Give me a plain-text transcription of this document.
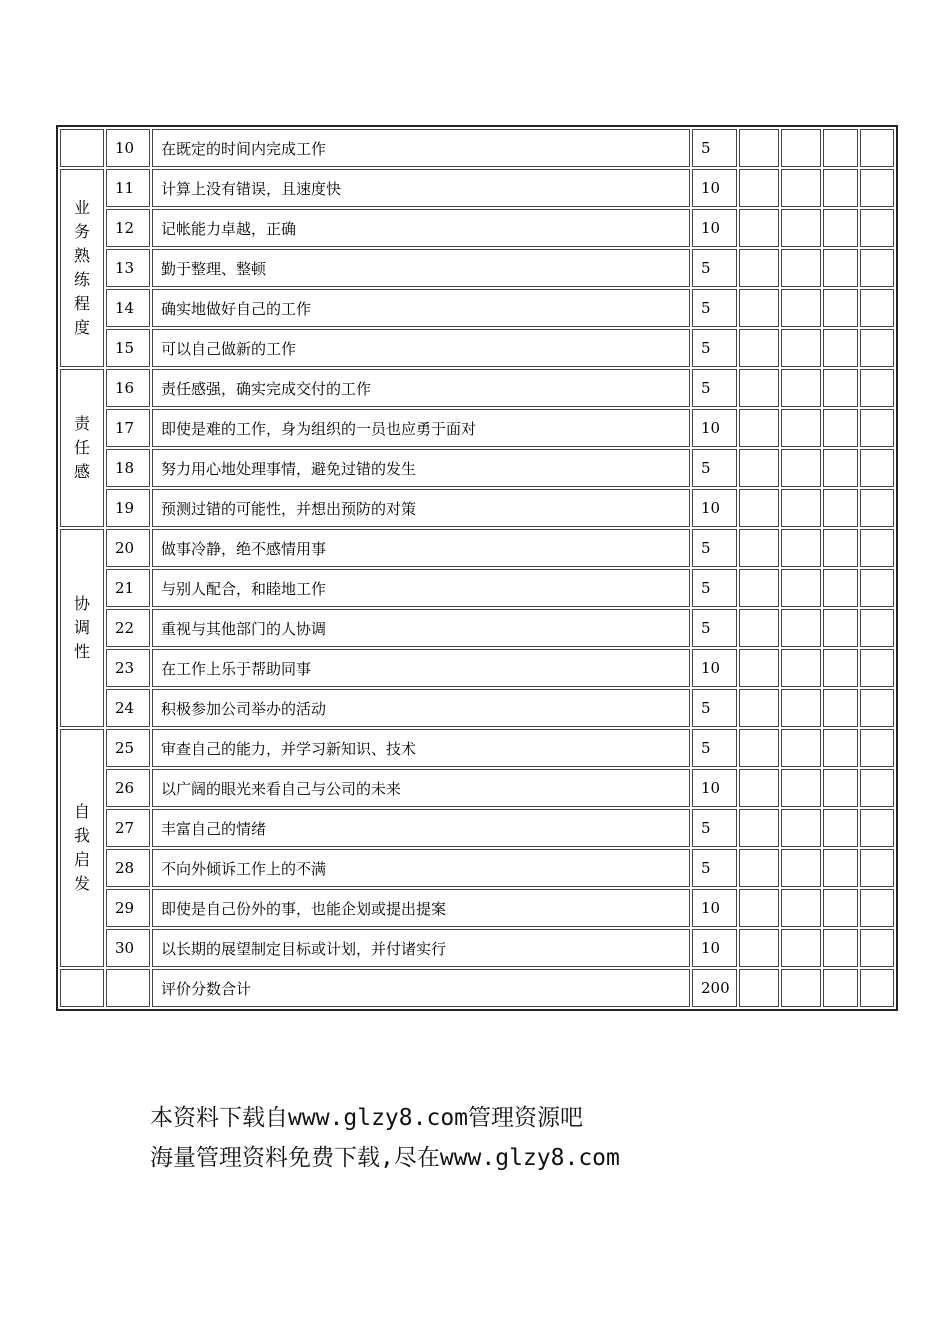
	10	在既定的时间内完成工作	5				
业务熟练程度	11	计算上没有错误，且速度快	10				
	12	记帐能力卓越，正确	10				
	13	勤于整理、整顿	5				
	14	确实地做好自己的工作	5				
	15	可以自己做新的工作	5				
责任感	16	责任感强，确实完成交付的工作	5				
	17	即使是难的工作，身为组织的一员也应勇于面对	10				
	18	努力用心地处理事情，避免过错的发生	5				
	19	预测过错的可能性，并想出预防的对策	10				
协调性	20	做事冷静，绝不感情用事	5				
	21	与别人配合，和睦地工作	5				
	22	重视与其他部门的人协调	5				
	23	在工作上乐于帮助同事	10				
	24	积极参加公司举办的活动	5				
自我启发	25	审查自己的能力，并学习新知识、技术	5				
	26	以广阔的眼光来看自己与公司的未来	10				
	27	丰富自己的情绪	5				
	28	不向外倾诉工作上的不满	5				
	29	即使是自己份外的事，也能企划或提出提案	10				
	30	以长期的展望制定目标或计划，并付诸实行	10				
		评价分数合计	200				
本资料下载自www.glzy8.com管理资源吧
海量管理资料免费下载,尽在www.glzy8.com
